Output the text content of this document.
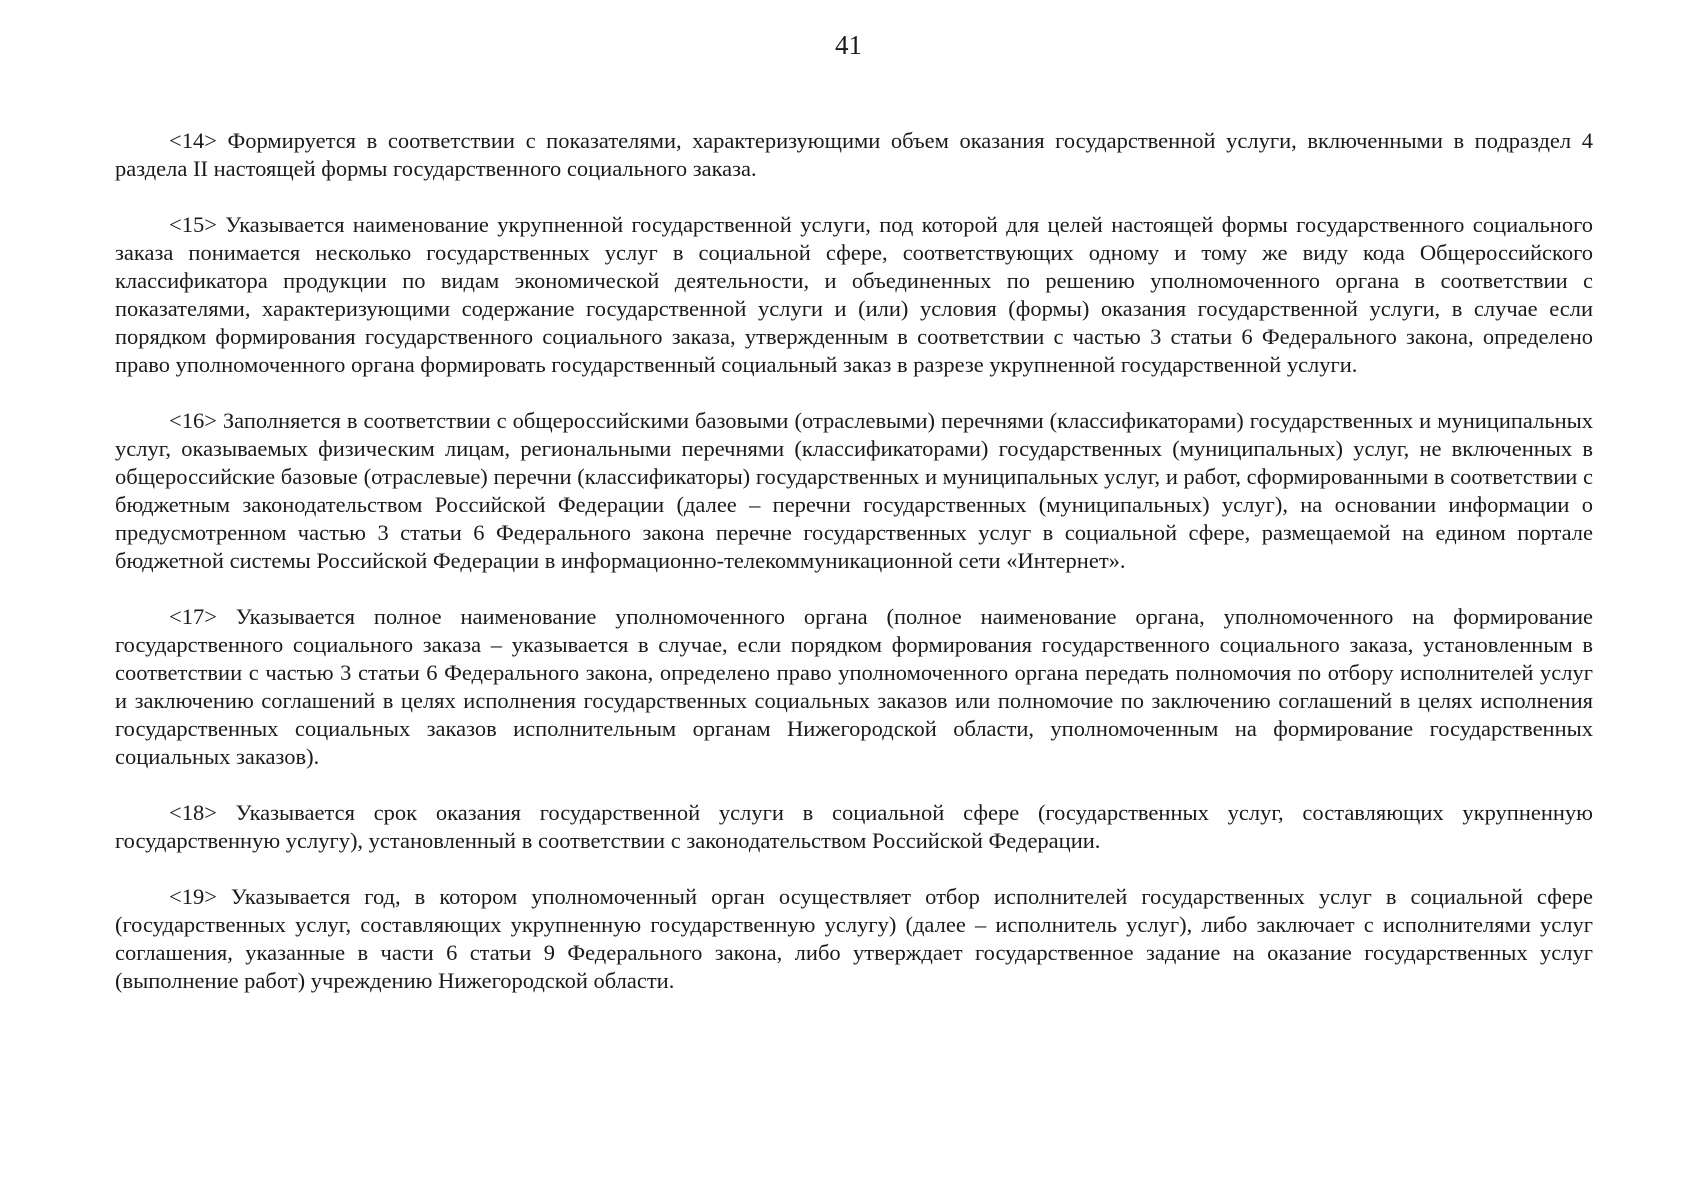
41

<14> Формируется в соответствии с показателями, характеризующими объем оказания государственной услуги, включенными в подраздел 4 раздела II настоящей формы государственного социального заказа.

<15> Указывается наименование укрупненной государственной услуги, под которой для целей настоящей формы государственного социального заказа понимается несколько государственных услуг в социальной сфере, соответствующих одному и тому же виду кода Общероссийского классификатора продукции по видам экономической деятельности, и объединенных по решению уполномоченного органа в соответствии с показателями, характеризующими содержание государственной услуги и (или) условия (формы) оказания государственной услуги, в случае если порядком формирования государственного социального заказа, утвержденным в соответствии с частью 3 статьи 6 Федерального закона, определено право уполномоченного органа формировать государственный социальный заказ в разрезе укрупненной государственной услуги.

<16> Заполняется в соответствии с общероссийскими базовыми (отраслевыми) перечнями (классификаторами) государственных и муниципальных услуг, оказываемых физическим лицам, региональными перечнями (классификаторами) государственных (муниципальных) услуг, не включенных в общероссийские базовые (отраслевые) перечни (классификаторы) государственных и муниципальных услуг, и работ, сформированными в соответствии с бюджетным законодательством Российской Федерации (далее – перечни государственных (муниципальных) услуг), на основании информации о предусмотренном частью 3 статьи 6 Федерального закона перечне государственных услуг в социальной сфере, размещаемой на едином портале бюджетной системы Российской Федерации в информационно-телекоммуникационной сети «Интернет».

<17> Указывается полное наименование уполномоченного органа (полное наименование органа, уполномоченного на формирование государственного социального заказа – указывается в случае, если порядком формирования государственного социального заказа, установленным в соответствии с частью 3 статьи 6 Федерального закона, определено право уполномоченного органа передать полномочия по отбору исполнителей услуг и заключению соглашений в целях исполнения государственных социальных заказов или полномочие по заключению соглашений в целях исполнения государственных социальных заказов исполнительным органам Нижегородской области, уполномоченным на формирование государственных социальных заказов).

<18> Указывается срок оказания государственной услуги в социальной сфере (государственных услуг, составляющих укрупненную государственную услугу), установленный в соответствии с законодательством Российской Федерации.

<19> Указывается год, в котором уполномоченный орган осуществляет отбор исполнителей государственных услуг в социальной сфере (государственных услуг, составляющих укрупненную государственную услугу) (далее – исполнитель услуг), либо заключает с исполнителями услуг соглашения, указанные в части 6 статьи 9 Федерального закона, либо утверждает государственное задание на оказание государственных услуг (выполнение работ) учреждению Нижегородской области.
